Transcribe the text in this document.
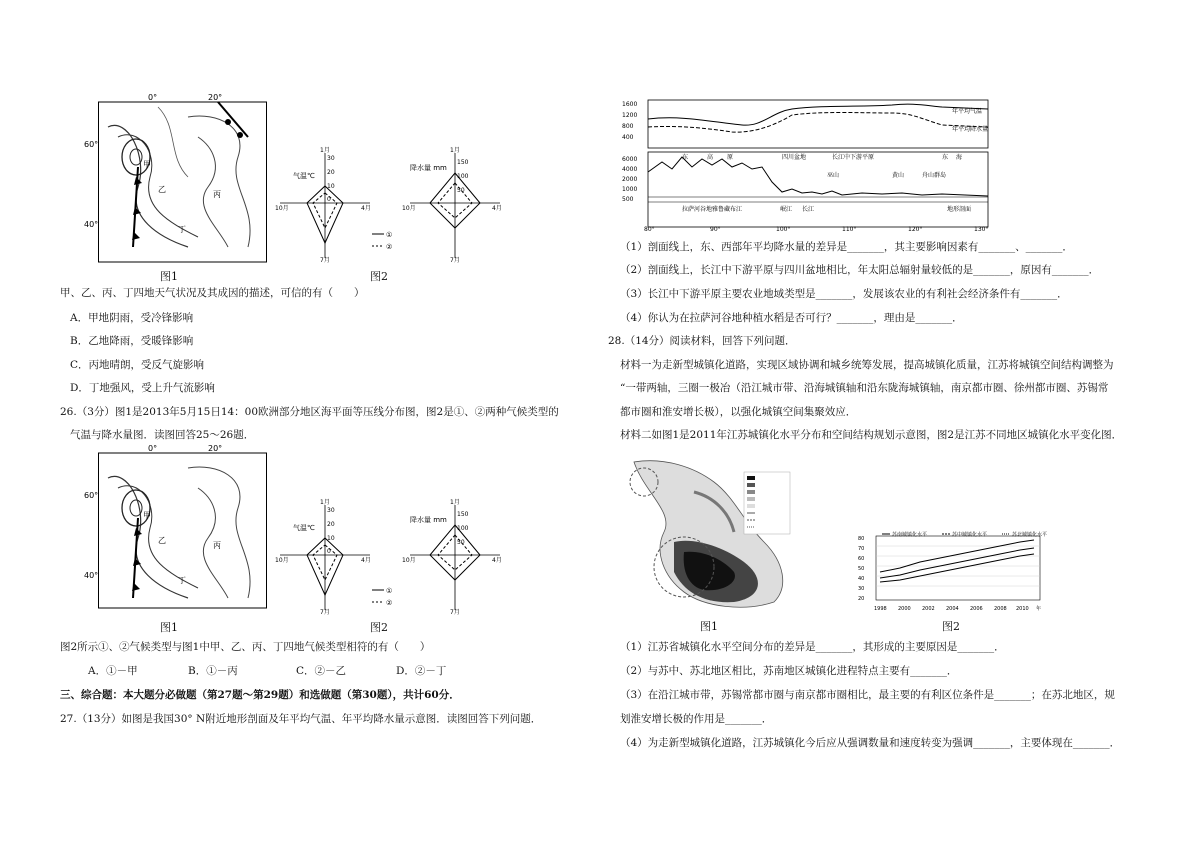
0°	20°
60°
40°
甲
乙
丙
丁
图1
气温℃
30
20
10
0
1月
4月
7月
10月
降水量 mm
150
100
50
1月
4月
7月
10月
①
②
图2
甲、乙、丙、丁四地天气状况及其成因的描述，可信的有（　　）
A．甲地阴雨，受冷锋影响
B．乙地降雨，受暖锋影响
C．丙地晴朗，受反气旋影响
D．丁地强风，受上升气流影响
26.（3分）图1是2013年5月15日14：00欧洲部分地区海平面等压线分布图，图2是①、②两种气候类型的
气温与降水量图．读图回答25～26题．
0°	20°
60°
40°
甲
乙
丙
丁
图1
气温℃
30
20
10
0
1月
4月
7月
10月
降水量 mm
150
100
50
1月
4月
7月
10月
①
②
图2
图2所示①、②气候类型与图1中甲、乙、丙、丁四地气候类型相符的有（　　）
A．①－甲	B．①－丙	C．②－乙	D．②－丁
三、综合题：本大题分必做题（第27题～第29题）和选做题（第30题），共计60分．
27.（13分）如图是我国30° N附近地形剖面及年平均气温、年平均降水量示意图．读图回答下列问题．
1600
1200
800
400
年平均气温
年平均降水量
6000
4000
2000
1000
500
东	高 原	四川盆地	长江中下游平原	东 海
巫山	黄山	舟山群岛
拉萨河谷地雅鲁藏布江	岷江 长江	地形剖面
80°	90°	100°	110°	120°	130°
（1）剖面线上，东、西部年平均降水量的差异是_______，其主要影响因素有_______、_______．
（2）剖面线上，长江中下游平原与四川盆地相比，年太阳总辐射量较低的是_______，原因有_______．
（3）长江中下游平原主要农业地域类型是_______，发展该农业的有利社会经济条件有_______．
（4）你认为在拉萨河谷地种植水稻是否可行？_______，理由是_______．
28.（14分）阅读材料，回答下列问题．
材料一为走新型城镇化道路，实现区域协调和城乡统筹发展，提高城镇化质量，江苏将城镇空间结构调整为
“一带两轴，三圈一极冶（沿江城市带、沿海城镇轴和沿东陇海城镇轴，南京都市圈、徐州都市圈、苏锡常
都市圈和淮安增长极），以强化城镇空间集聚效应．
材料二如图1是2011年江苏城镇化水平分布和空间结构规划示意图，图2是江苏不同地区城镇化水平变化图．
图1
80
70
60
50
40
30
20
1998 2000 2002 2004 2006 2008 2010 年
苏南城镇化水平	苏中城镇化水平	苏北城镇化水平
图2
（1）江苏省城镇化水平空间分布的差异是_______，其形成的主要原因是_______．
（2）与苏中、苏北地区相比，苏南地区城镇化进程特点主要有_______．
（3）在沿江城市带，苏锡常都市圈与南京都市圈相比，最主要的有利区位条件是_______；在苏北地区，规
划淮安增长极的作用是_______．
（4）为走新型城镇化道路，江苏城镇化今后应从强调数量和速度转变为强调_______，主要体现在_______．
